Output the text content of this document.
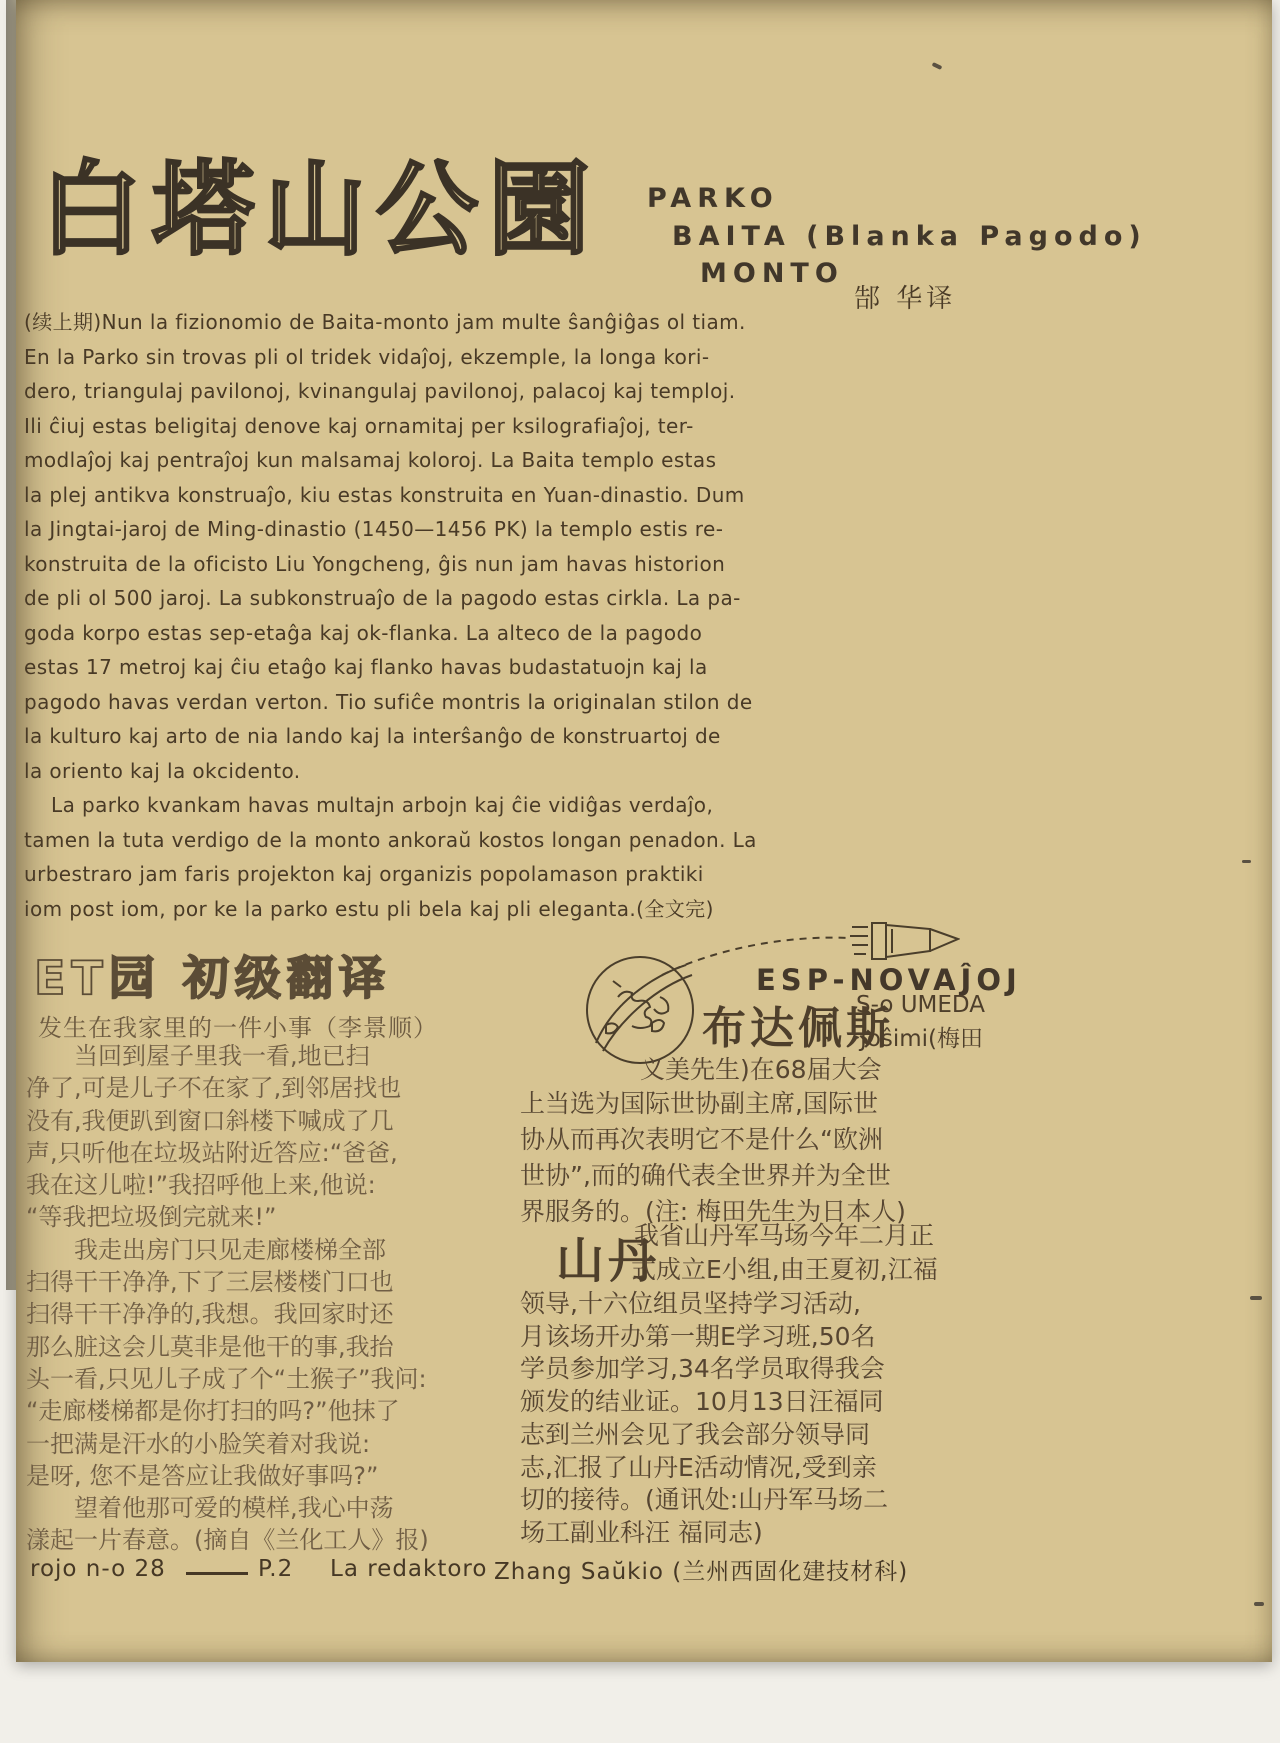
白塔山公園 PARKO
BAITA (Blanka Pagodo)
MONTO
郜 华译
(续上期)Nun la fizionomio de Baita-monto jam multe ŝanĝiĝas ol tiam.
En la Parko sin trovas pli ol tridek vidaĵoj, ekzemple, la longa kori-
dero, triangulaj pavilonoj, kvinangulaj pavilonoj, palacoj kaj temploj.
Ili ĉiuj estas beligitaj denove kaj ornamitaj per ksilografiaĵoj, ter-
modlaĵoj kaj pentraĵoj kun malsamaj koloroj. La Baita templo estas
la plej antikva konstruaĵo, kiu estas konstruita en Yuan-dinastio. Dum
la Jingtai-jaroj de Ming-dinastio (1450—1456 PK) la templo estis re-
konstruita de la oficisto Liu Yongcheng, ĝis nun jam havas historion
de pli ol 500 jaroj. La subkonstruaĵo de la pagodo estas cirkla. La pa-
goda korpo estas sep-etaĝa kaj ok-flanka. La alteco de la pagodo
estas 17 metroj kaj ĉiu etaĝo kaj flanko havas budastatuojn kaj la
pagodo havas verdan verton. Tio sufiĉe montris la originalan stilon de
la kulturo kaj arto de nia lando kaj la interŝanĝo de konstruartoj de
la oriento kaj la okcidento.
La parko kvankam havas multajn arbojn kaj ĉie vidiĝas verdaĵo,
tamen la tuta verdigo de la monto ankoraŭ kostos longan penadon. La
urbestraro jam faris projekton kaj organizis popolamason praktiki
iom post iom, por ke la parko estu pli bela kaj pli eleganta.(全文完)
ET园 初级翻译
发生在我家里的一件小事（李景顺）
　　当回到屋子里我一看,地已扫
净了,可是儿子不在家了,到邻居找也
没有,我便趴到窗口斜楼下喊成了几
声,只听他在垃圾站附近答应:“爸爸,
我在这儿啦!”我招呼他上来,他说:
“等我把垃圾倒完就来!”
　　我走出房门只见走廊楼梯全部
扫得干干净净,下了三层楼楼门口也
扫得干干净净的,我想。我回家时还
那么脏这会儿莫非是他干的事,我抬
头一看,只见儿子成了个“土猴子”我问:
“走廊楼梯都是你打扫的吗?”他抹了
一把满是汗水的小脸笑着对我说:
是呀, 您不是答应让我做好事吗?”
　　望着他那可爱的模样,我心中荡
漾起一片春意。(摘自《兰化工人》报)
ESP-NOVAĴOJ
布达佩斯
S-o UMEDA
Joŝimi(梅田
义美先生)在68届大会
上当选为国际世协副主席,国际世
协从而再次表明它不是什么“欧洲
世协”,而的确代表全世界并为全世
界服务的。(注: 梅田先生为日本人)
山丹
我省山丹军马场今年二月正
式成立E小组,由王夏初,江福
领导,十六位组员坚持学习活动,
月该场开办第一期E学习班,50名
学员参加学习,34名学员取得我会
颁发的结业证。10月13日汪福同
志到兰州会见了我会部分领导同
志,汇报了山丹E活动情况,受到亲
切的接待。(通讯处:山丹军马场二
场工副业科汪 福同志)
rojo n-o 28	P.2 La redaktoro Zhang Saŭkio (兰州西固化建技材科)
